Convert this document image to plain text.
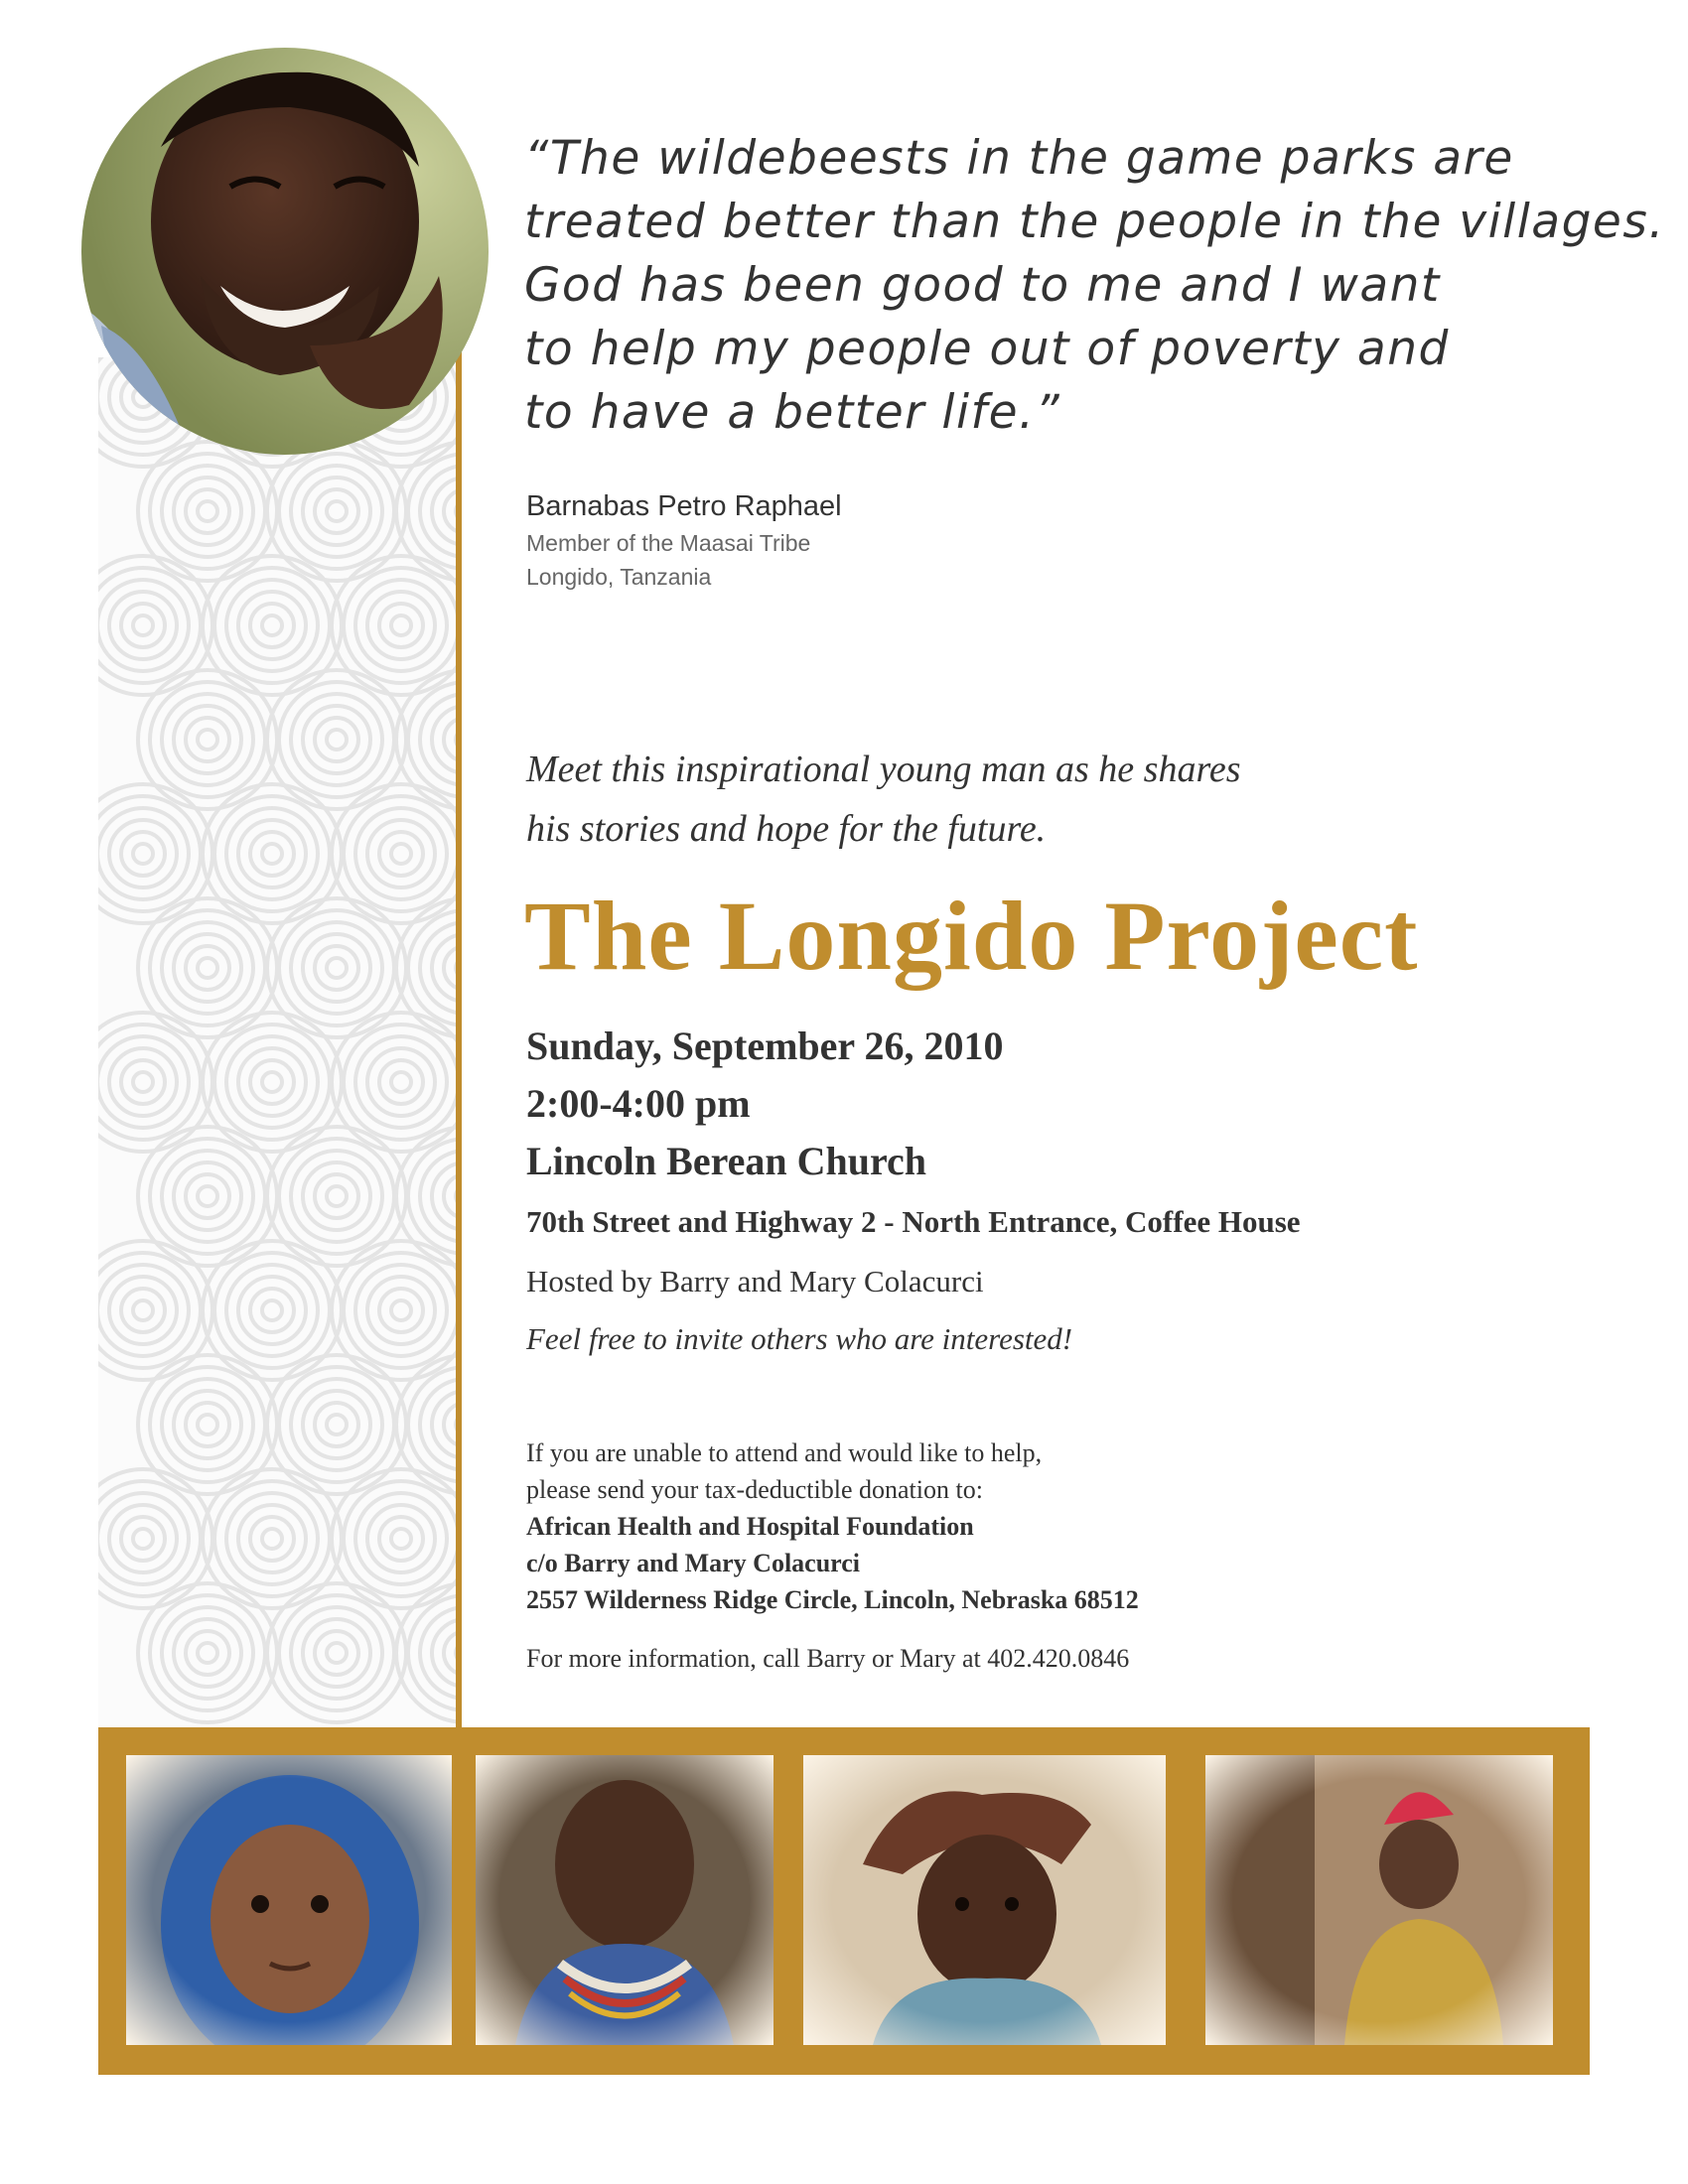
“The wildebeests in the game parks are
treated better than the people in the villages.
God has been good to me and I want
to help my people out of poverty and
to have a better life.”
Barnabas Petro Raphael
Member of the Maasai Tribe
Longido, Tanzania
Meet this inspirational young man as he shares
his stories and hope for the future.
The Longido Project
Sunday, September 26, 2010
2:00-4:00 pm
Lincoln Berean Church
70th Street and Highway 2 - North Entrance, Coffee House
Hosted by Barry and Mary Colacurci
Feel free to invite others who are interested!
If you are unable to attend and would like to help,
please send your tax-deductible donation to:
African Health and Hospital Foundation
c/o Barry and Mary Colacurci
2557 Wilderness Ridge Circle, Lincoln, Nebraska 68512
For more information, call Barry or Mary at 402.420.0846
